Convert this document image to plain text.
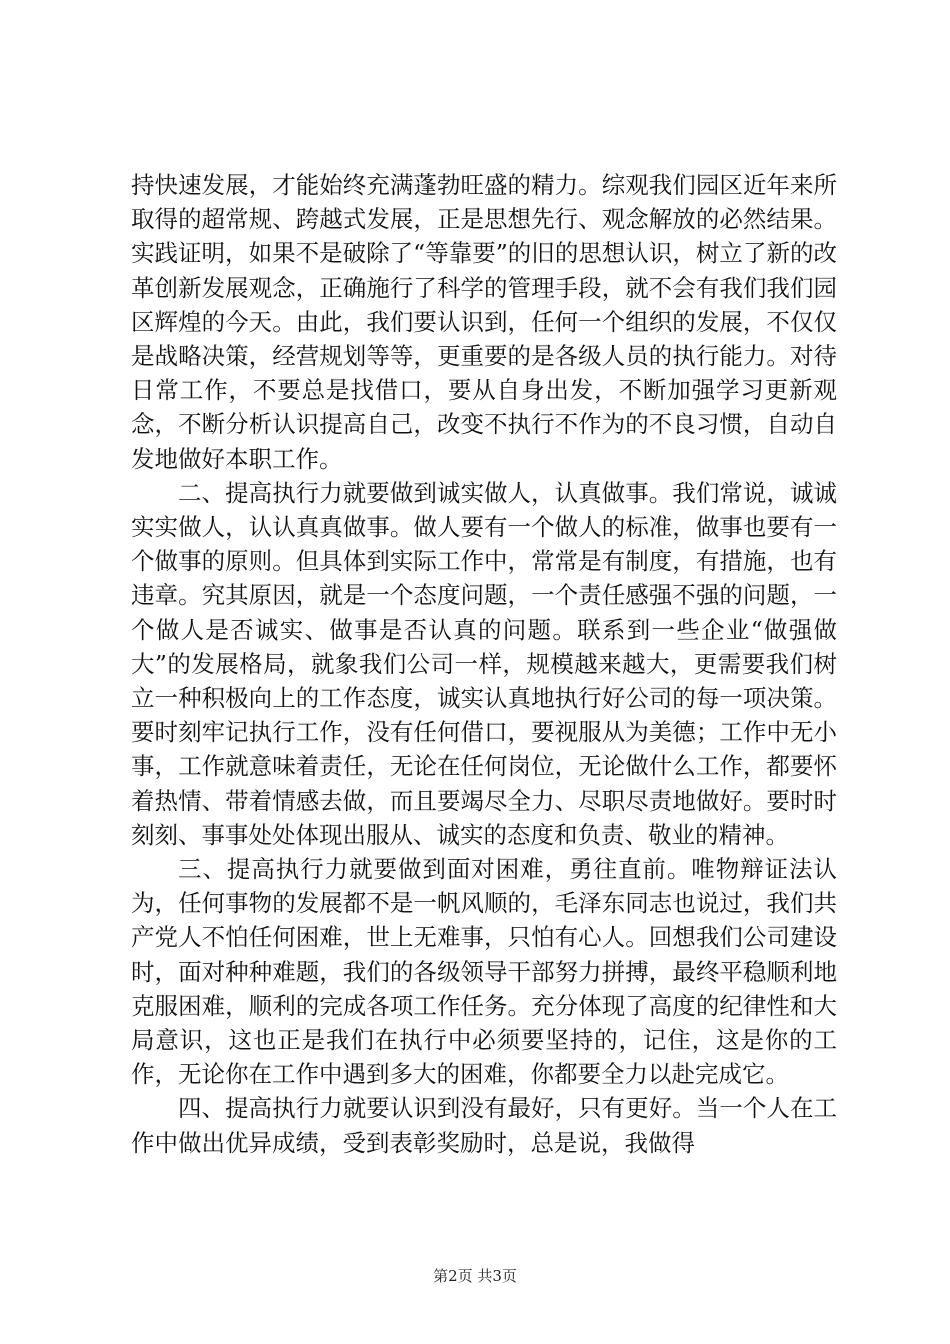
持快速发展，才能始终充满蓬勃旺盛的精力。综观我们园区近年来所取得的超常规、跨越式发展，正是思想先行、观念解放的必然结果。实践证明，如果不是破除了“等靠要”的旧的思想认识，树立了新的改革创新发展观念，正确施行了科学的管理手段，就不会有我们我们园区辉煌的今天。由此，我们要认识到，任何一个组织的发展，不仅仅是战略决策，经营规划等等，更重要的是各级人员的执行能力。对待日常工作，不要总是找借口，要从自身出发，不断加强学习更新观念，不断分析认识提高自己，改变不执行不作为的不良习惯，自动自发地做好本职工作。

二、提高执行力就要做到诚实做人，认真做事。我们常说，诚诚实实做人，认认真真做事。做人要有一个做人的标准，做事也要有一个做事的原则。但具体到实际工作中，常常是有制度，有措施，也有违章。究其原因，就是一个态度问题，一个责任感强不强的问题，一个做人是否诚实、做事是否认真的问题。联系到一些企业“做强做大”的发展格局，就象我们公司一样，规模越来越大，更需要我们树立一种积极向上的工作态度，诚实认真地执行好公司的每一项决策。要时刻牢记执行工作，没有任何借口，要视服从为美德；工作中无小事，工作就意味着责任，无论在任何岗位，无论做什么工作，都要怀着热情、带着情感去做，而且要竭尽全力、尽职尽责地做好。要时时刻刻、事事处处体现出服从、诚实的态度和负责、敬业的精神。

三、提高执行力就要做到面对困难，勇往直前。唯物辩证法认为，任何事物的发展都不是一帆风顺的，毛泽东同志也说过，我们共产党人不怕任何困难，世上无难事，只怕有心人。回想我们公司建设时，面对种种难题，我们的各级领导干部努力拼搏，最终平稳顺利地克服困难，顺利的完成各项工作任务。充分体现了高度的纪律性和大局意识，这也正是我们在执行中必须要坚持的，记住，这是你的工作，无论你在工作中遇到多大的困难，你都要全力以赴完成它。

四、提高执行力就要认识到没有最好，只有更好。当一个人在工作中做出优异成绩，受到表彰奖励时，总是说，我做得

第2页 共3页
